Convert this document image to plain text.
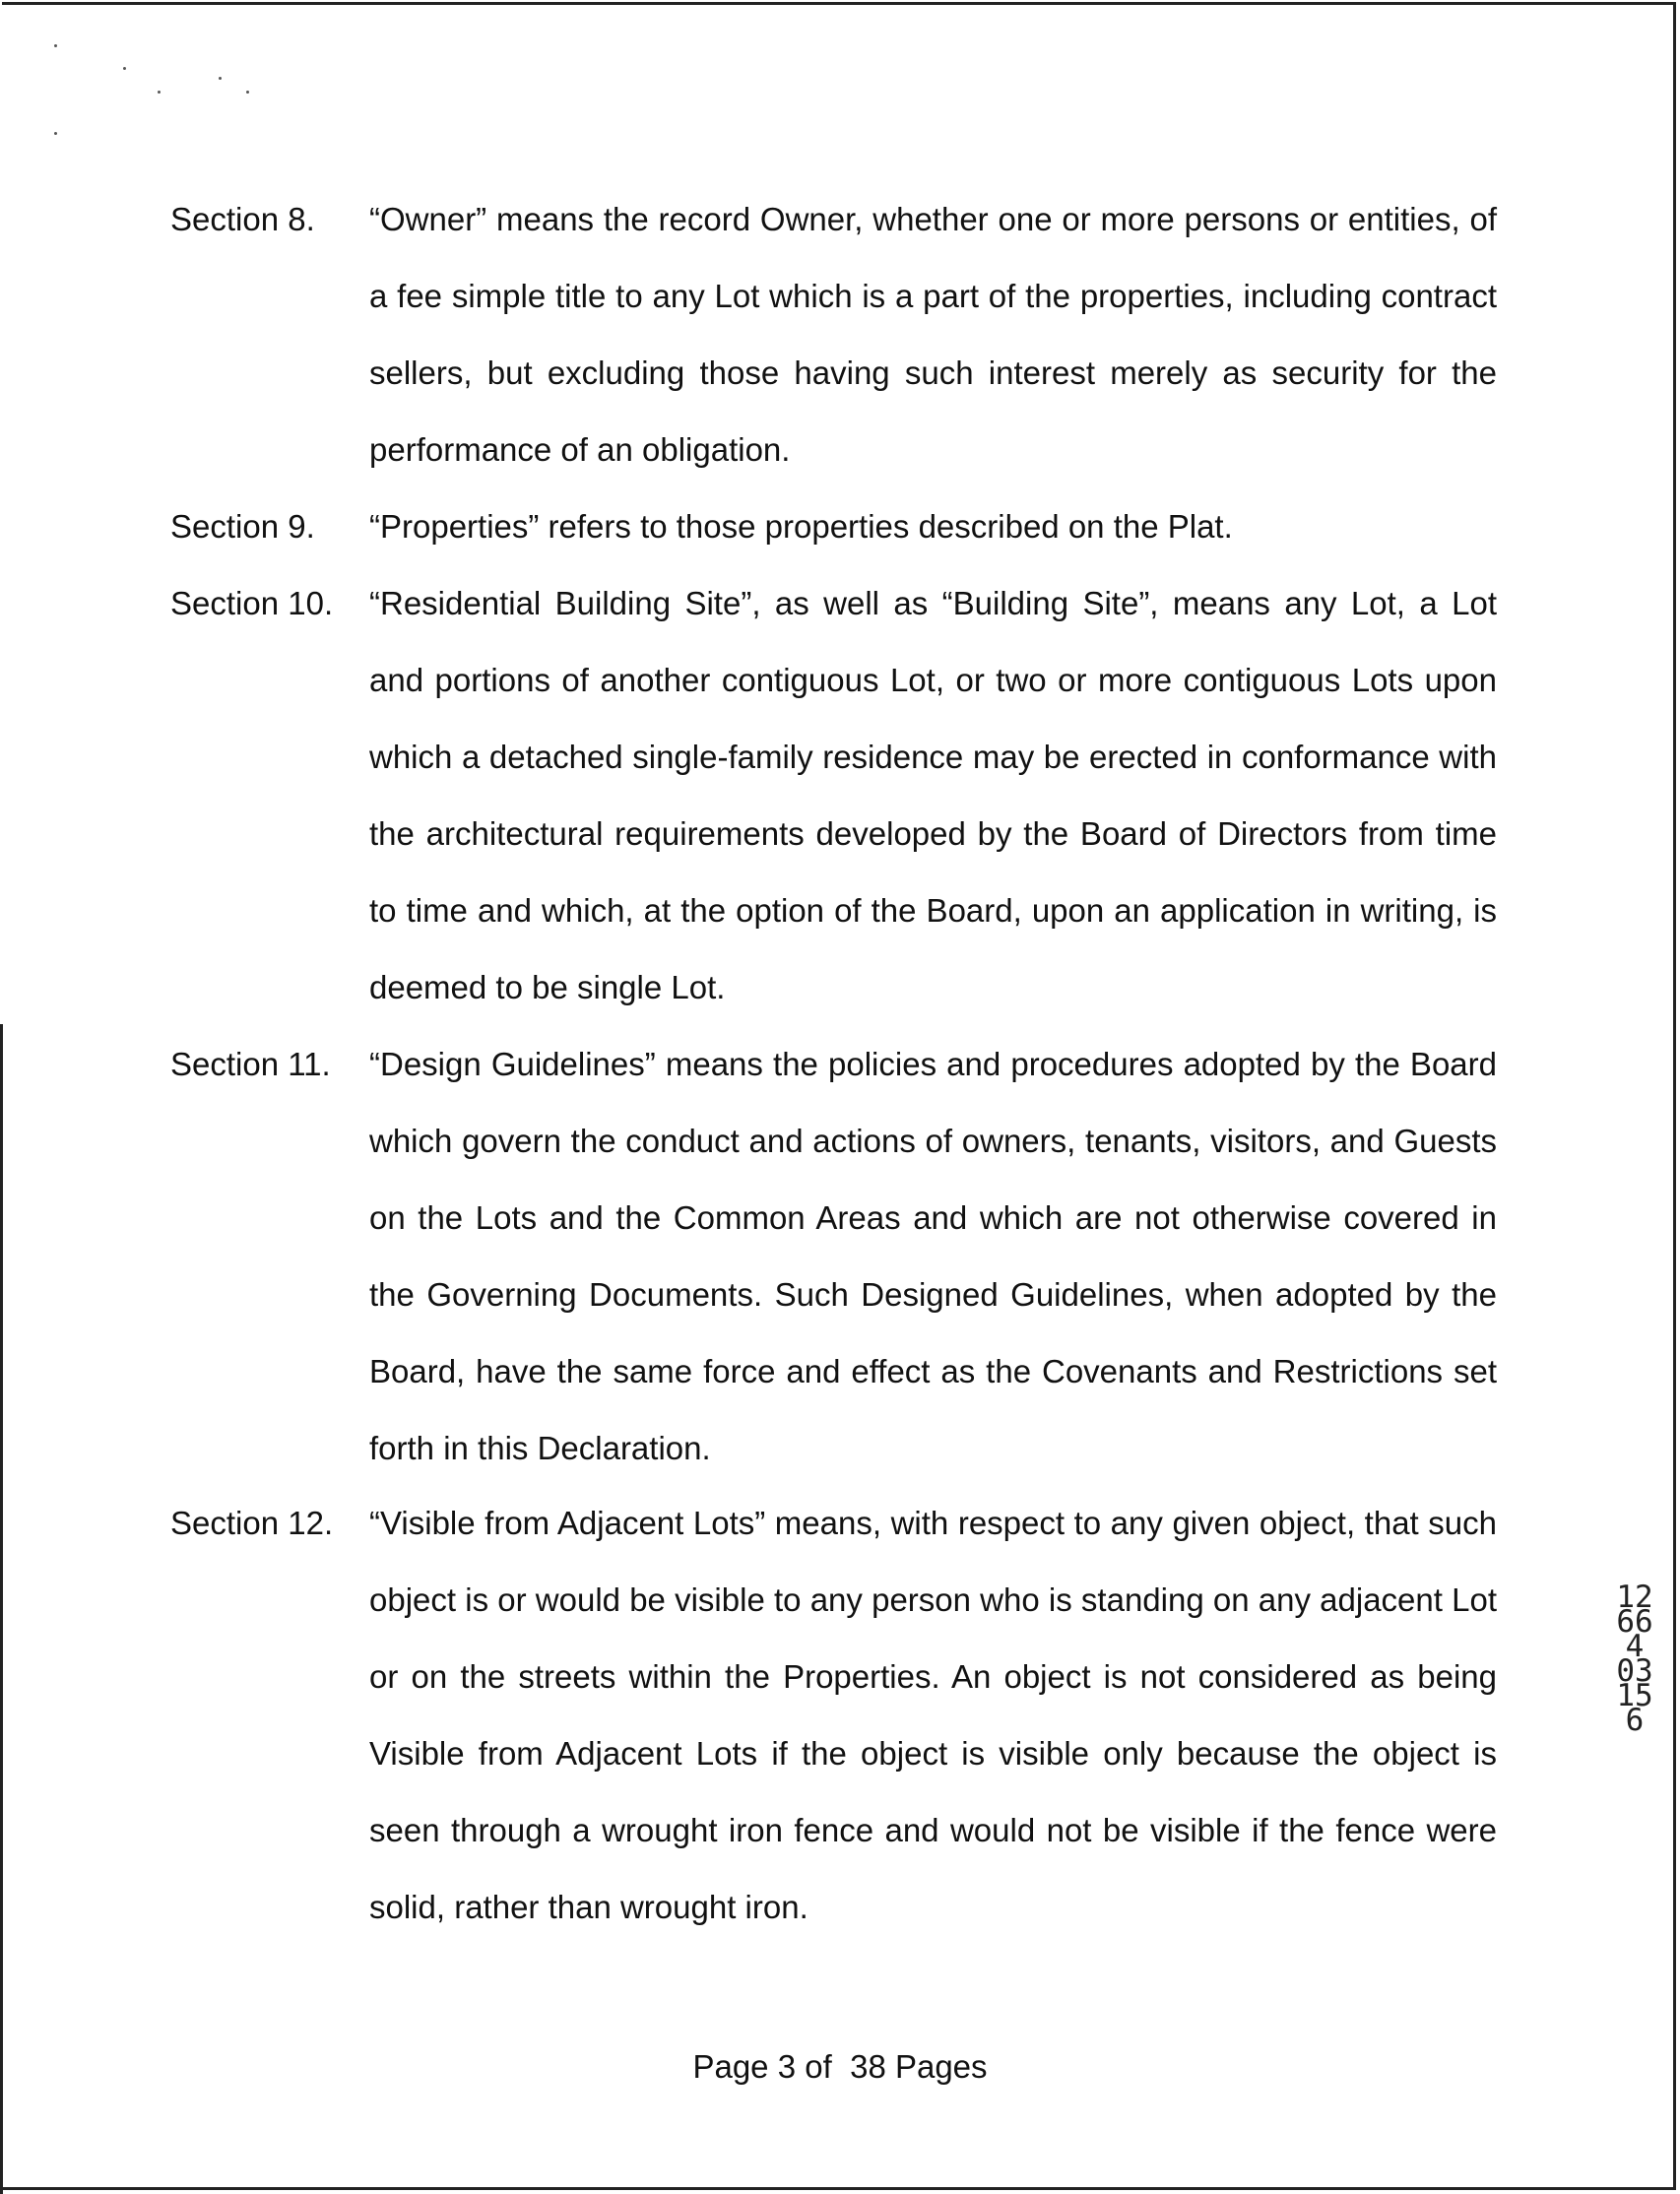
Section 8. “Owner” means the record Owner, whether one or more persons or entities, of a fee simple title to any Lot which is a part of the properties, including contract sellers, but excluding those having such interest merely as security for the performance of an obligation.

Section 9. “Properties” refers to those properties described on the Plat.

Section 10. “Residential Building Site”, as well as “Building Site”, means any Lot, a Lot and portions of another contiguous Lot, or two or more contiguous Lots upon which a detached single-family residence may be erected in conformance with the architectural requirements developed by the Board of Directors from time to time and which, at the option of the Board, upon an application in writing, is deemed to be single Lot.

Section 11. “Design Guidelines” means the policies and procedures adopted by the Board which govern the conduct and actions of owners, tenants, visitors, and Guests on the Lots and the Common Areas and which are not otherwise covered in the Governing Documents. Such Designed Guidelines, when adopted by the Board, have the same force and effect as the Covenants and Restrictions set forth in this Declaration.

Section 12. “Visible from Adjacent Lots” means, with respect to any given object, that such object is or would be visible to any person who is standing on any adjacent Lot or on the streets within the Properties. An object is not considered as being Visible from Adjacent Lots if the object is visible only because the object is seen through a wrought iron fence and would not be visible if the fence were solid, rather than wrought iron.

12664 03156
Page 3 of  38 Pages
